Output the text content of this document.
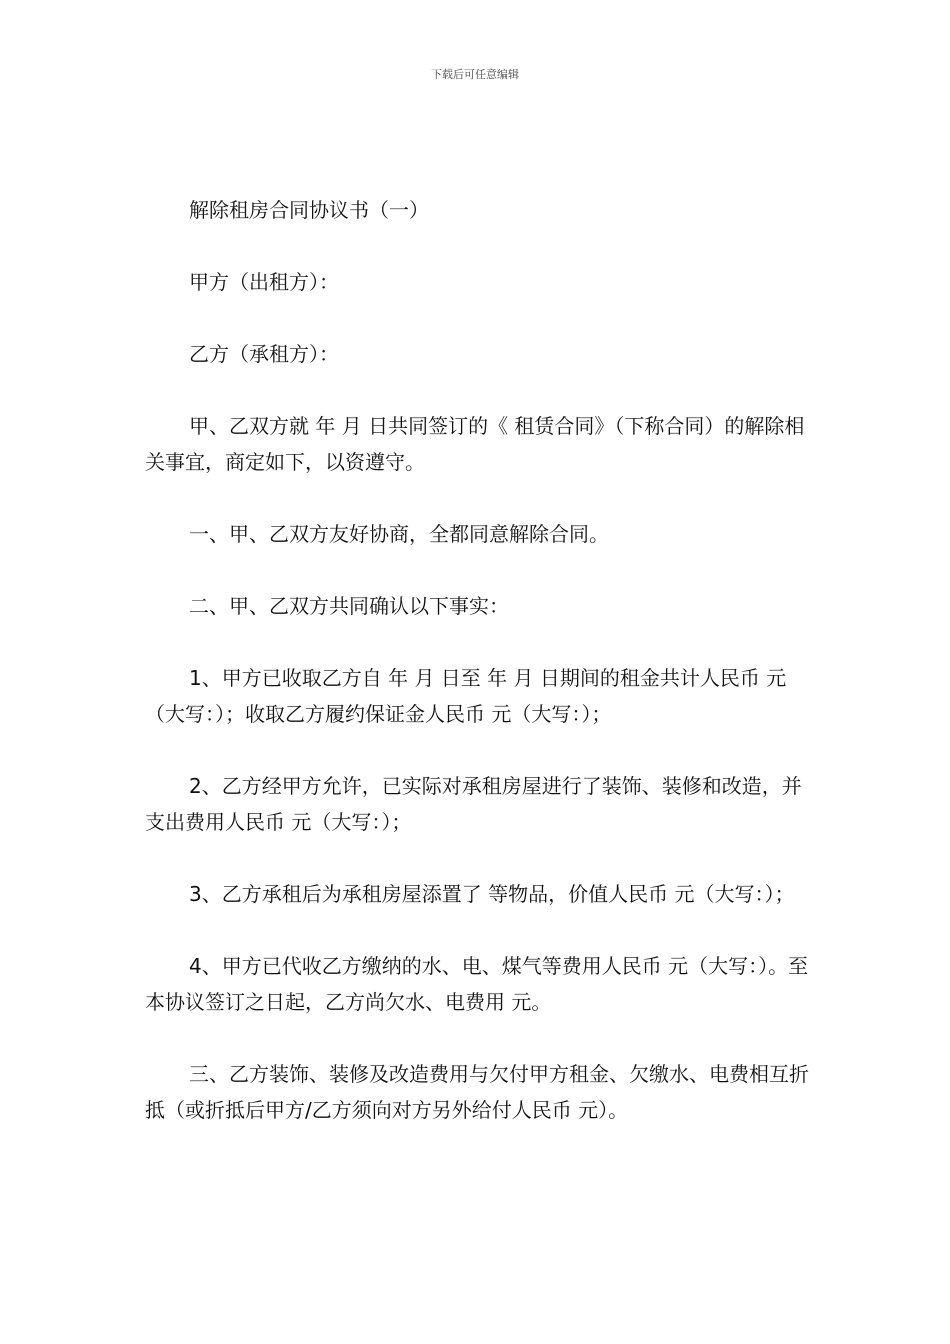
下载后可任意编辑

解除租房合同协议书（一）

甲方（出租方）：

乙方（承租方）：

甲、乙双方就 年 月 日共同签订的《 租赁合同》（下称合同）的解除相关事宜，商定如下，以资遵守。

一、甲、乙双方友好协商，全都同意解除合同。

二、甲、乙双方共同确认以下事实：

1、甲方已收取乙方自 年 月 日至 年 月 日期间的租金共计人民币 元（大写：）；收取乙方履约保证金人民币 元（大写：）；

2、乙方经甲方允许，已实际对承租房屋进行了装饰、装修和改造，并支出费用人民币 元（大写：）；

3、乙方承租后为承租房屋添置了 等物品，价值人民币 元（大写：）；

4、甲方已代收乙方缴纳的水、电、煤气等费用人民币 元（大写：）。至本协议签订之日起，乙方尚欠水、电费用 元。

三、乙方装饰、装修及改造费用与欠付甲方租金、欠缴水、电费相互折抵（或折抵后甲方/乙方须向对方另外给付人民币 元）。
